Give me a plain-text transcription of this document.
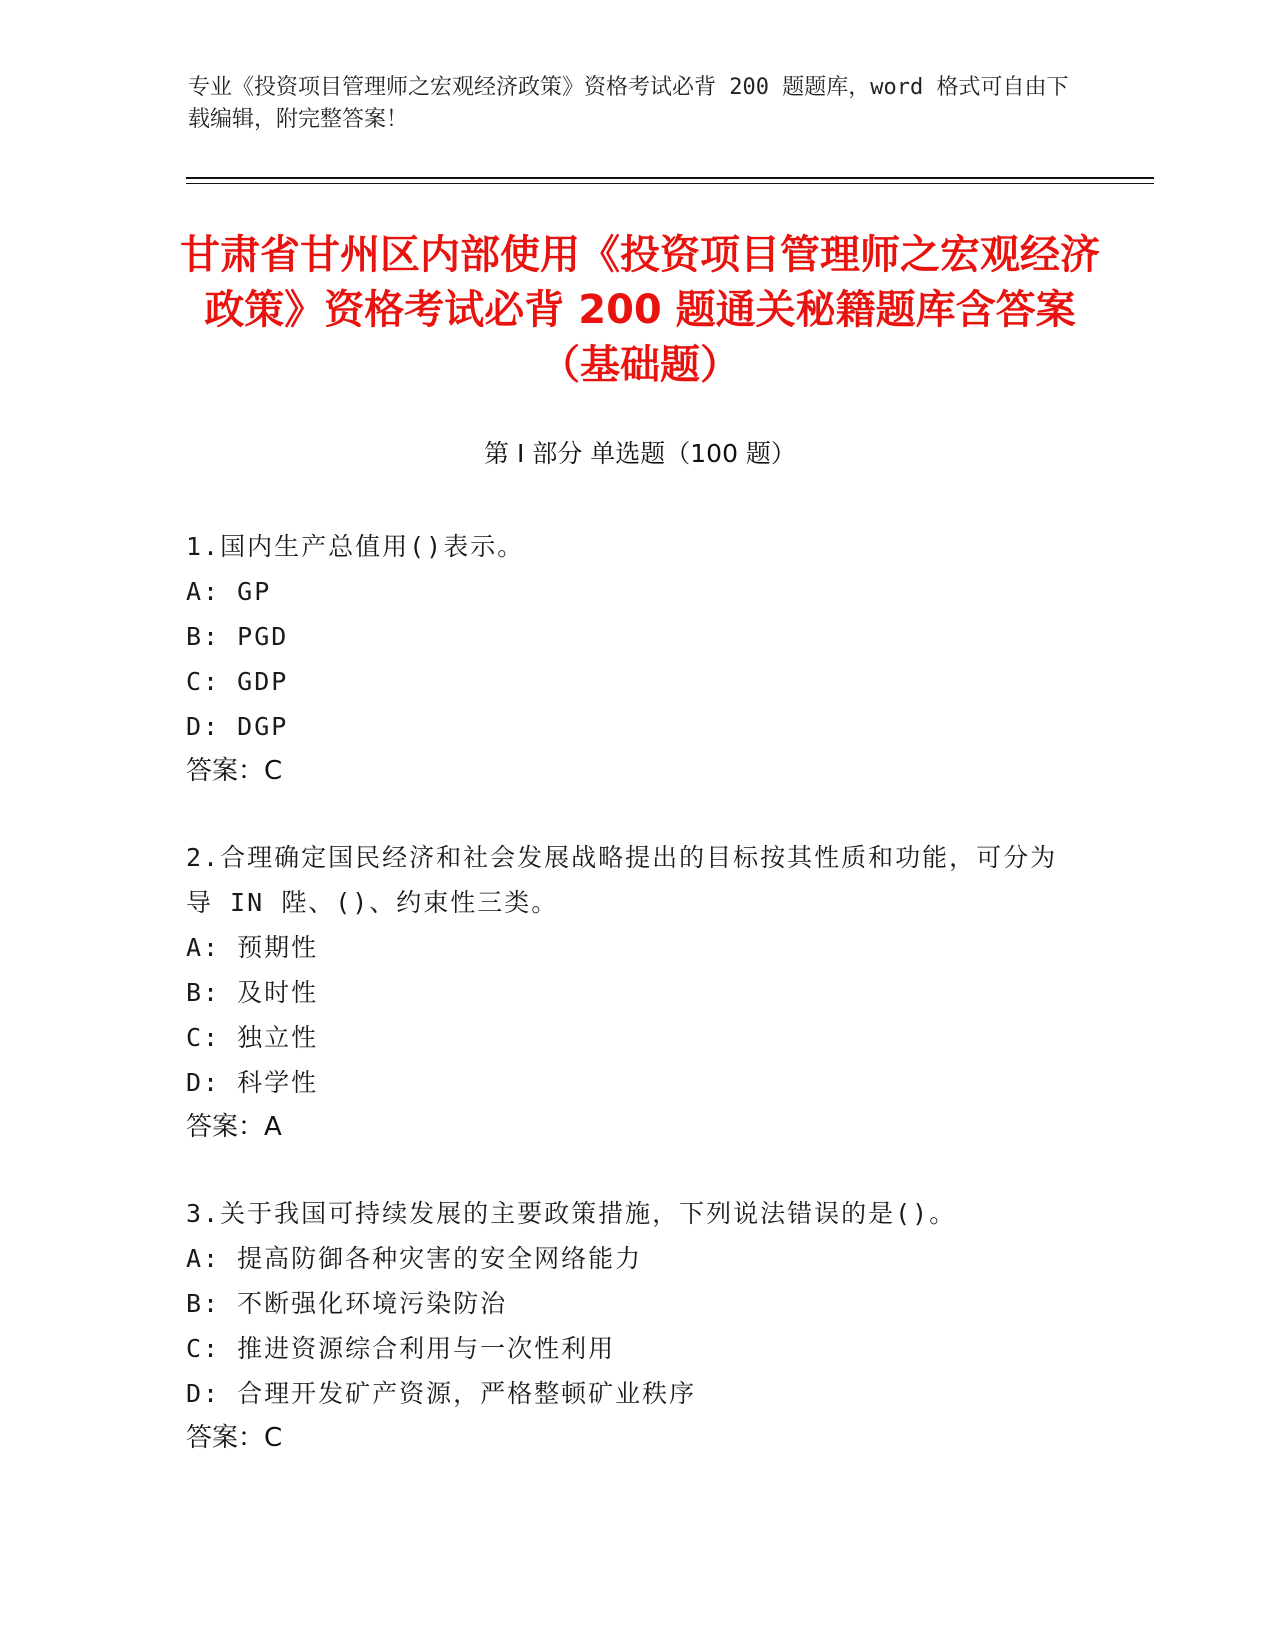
专业《投资项目管理师之宏观经济政策》资格考试必背 200 题题库，word 格式可自由下载编辑，附完整答案！
甘肃省甘州区内部使用《投资项目管理师之宏观经济政策》资格考试必背 200 题通关秘籍题库含答案（基础题）
第 I 部分 单选题（100 题）
1.国内生产总值用()表示。
A: GP
B: PGD
C: GDP
D: DGP
答案：C
2.合理确定国民经济和社会发展战略提出的目标按其性质和功能，可分为导 IN 陛、()、约束性三类。
A: 预期性
B: 及时性
C: 独立性
D: 科学性
答案：A
3.关于我国可持续发展的主要政策措施，下列说法错误的是()。
A: 提高防御各种灾害的安全网络能力
B: 不断强化环境污染防治
C: 推进资源综合利用与一次性利用
D: 合理开发矿产资源，严格整顿矿业秩序
答案：C
